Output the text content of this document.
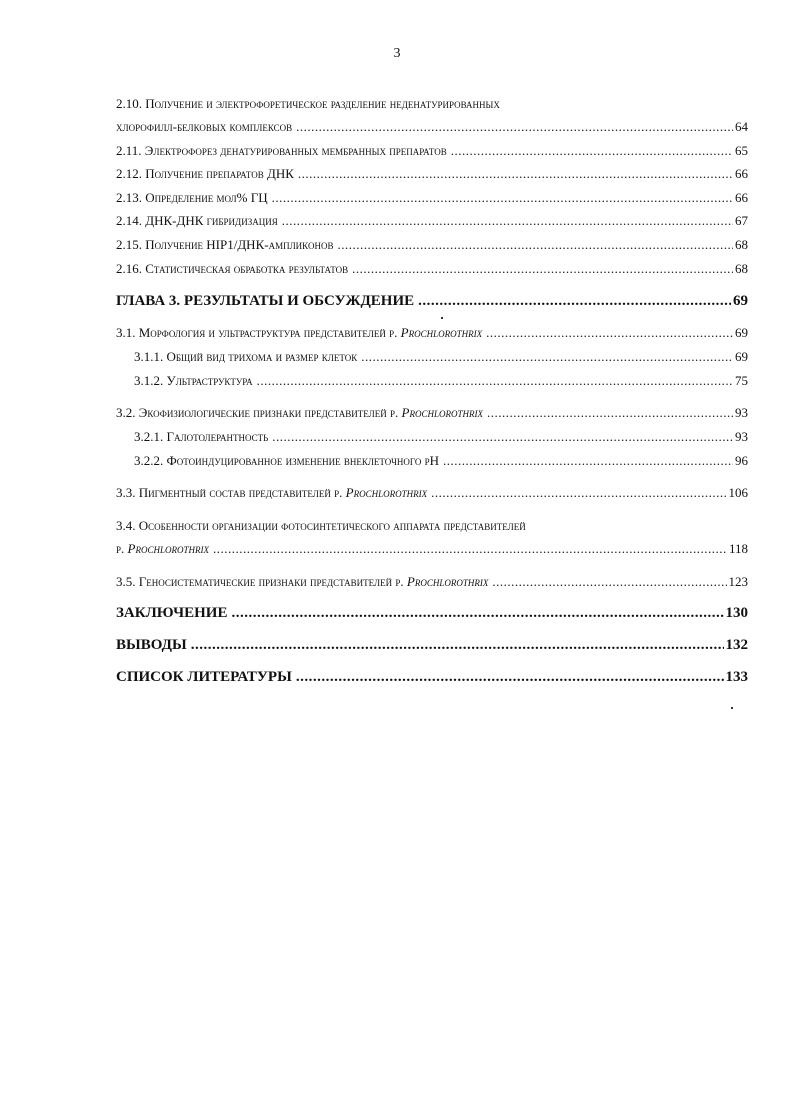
3
2.10. Получение и электрофоретическое разделение неденатурированных
хлорофилл-белковых комплексов .....	64
2.11. Электрофорез денатурированных мембранных препаратов .....	65
2.12. Получение препаратов ДНК .....	66
2.13. Определение мол% ГЦ .....	66
2.14. ДНК-ДНК гибридизация .....	67
2.15. Получение HIP1/ДНК-ампликонов .....	68
2.16. Статистическая обработка результатов .....	68
ГЛАВА 3. РЕЗУЛЬТАТЫ И ОБСУЖДЕНИЕ .....	69
3.1. Морфология и ультраструктура представителей р. Prochlorothrix .....	69
3.1.1. Общий вид трихома и размер клеток .....	69
3.1.2. Ультраструктура .....	75
3.2. Экофизиологические признаки представителей р. Prochlorothrix .....	93
3.2.1. Галотолерантность .....	93
3.2.2. Фотоиндуцированное изменение внеклеточного pH .....	96
3.3. Пигментный состав представителей р. Prochlorothrix .....	106
3.4. Особенности организации фотосинтетического аппарата представителей
р. Prochlorothrix .....	118
3.5. Геносистематические признаки представителей р. Prochlorothrix .....	123
ЗАКЛЮЧЕНИЕ .....	130
ВЫВОДЫ .....	132
СПИСОК ЛИТЕРАТУРЫ .....	133
